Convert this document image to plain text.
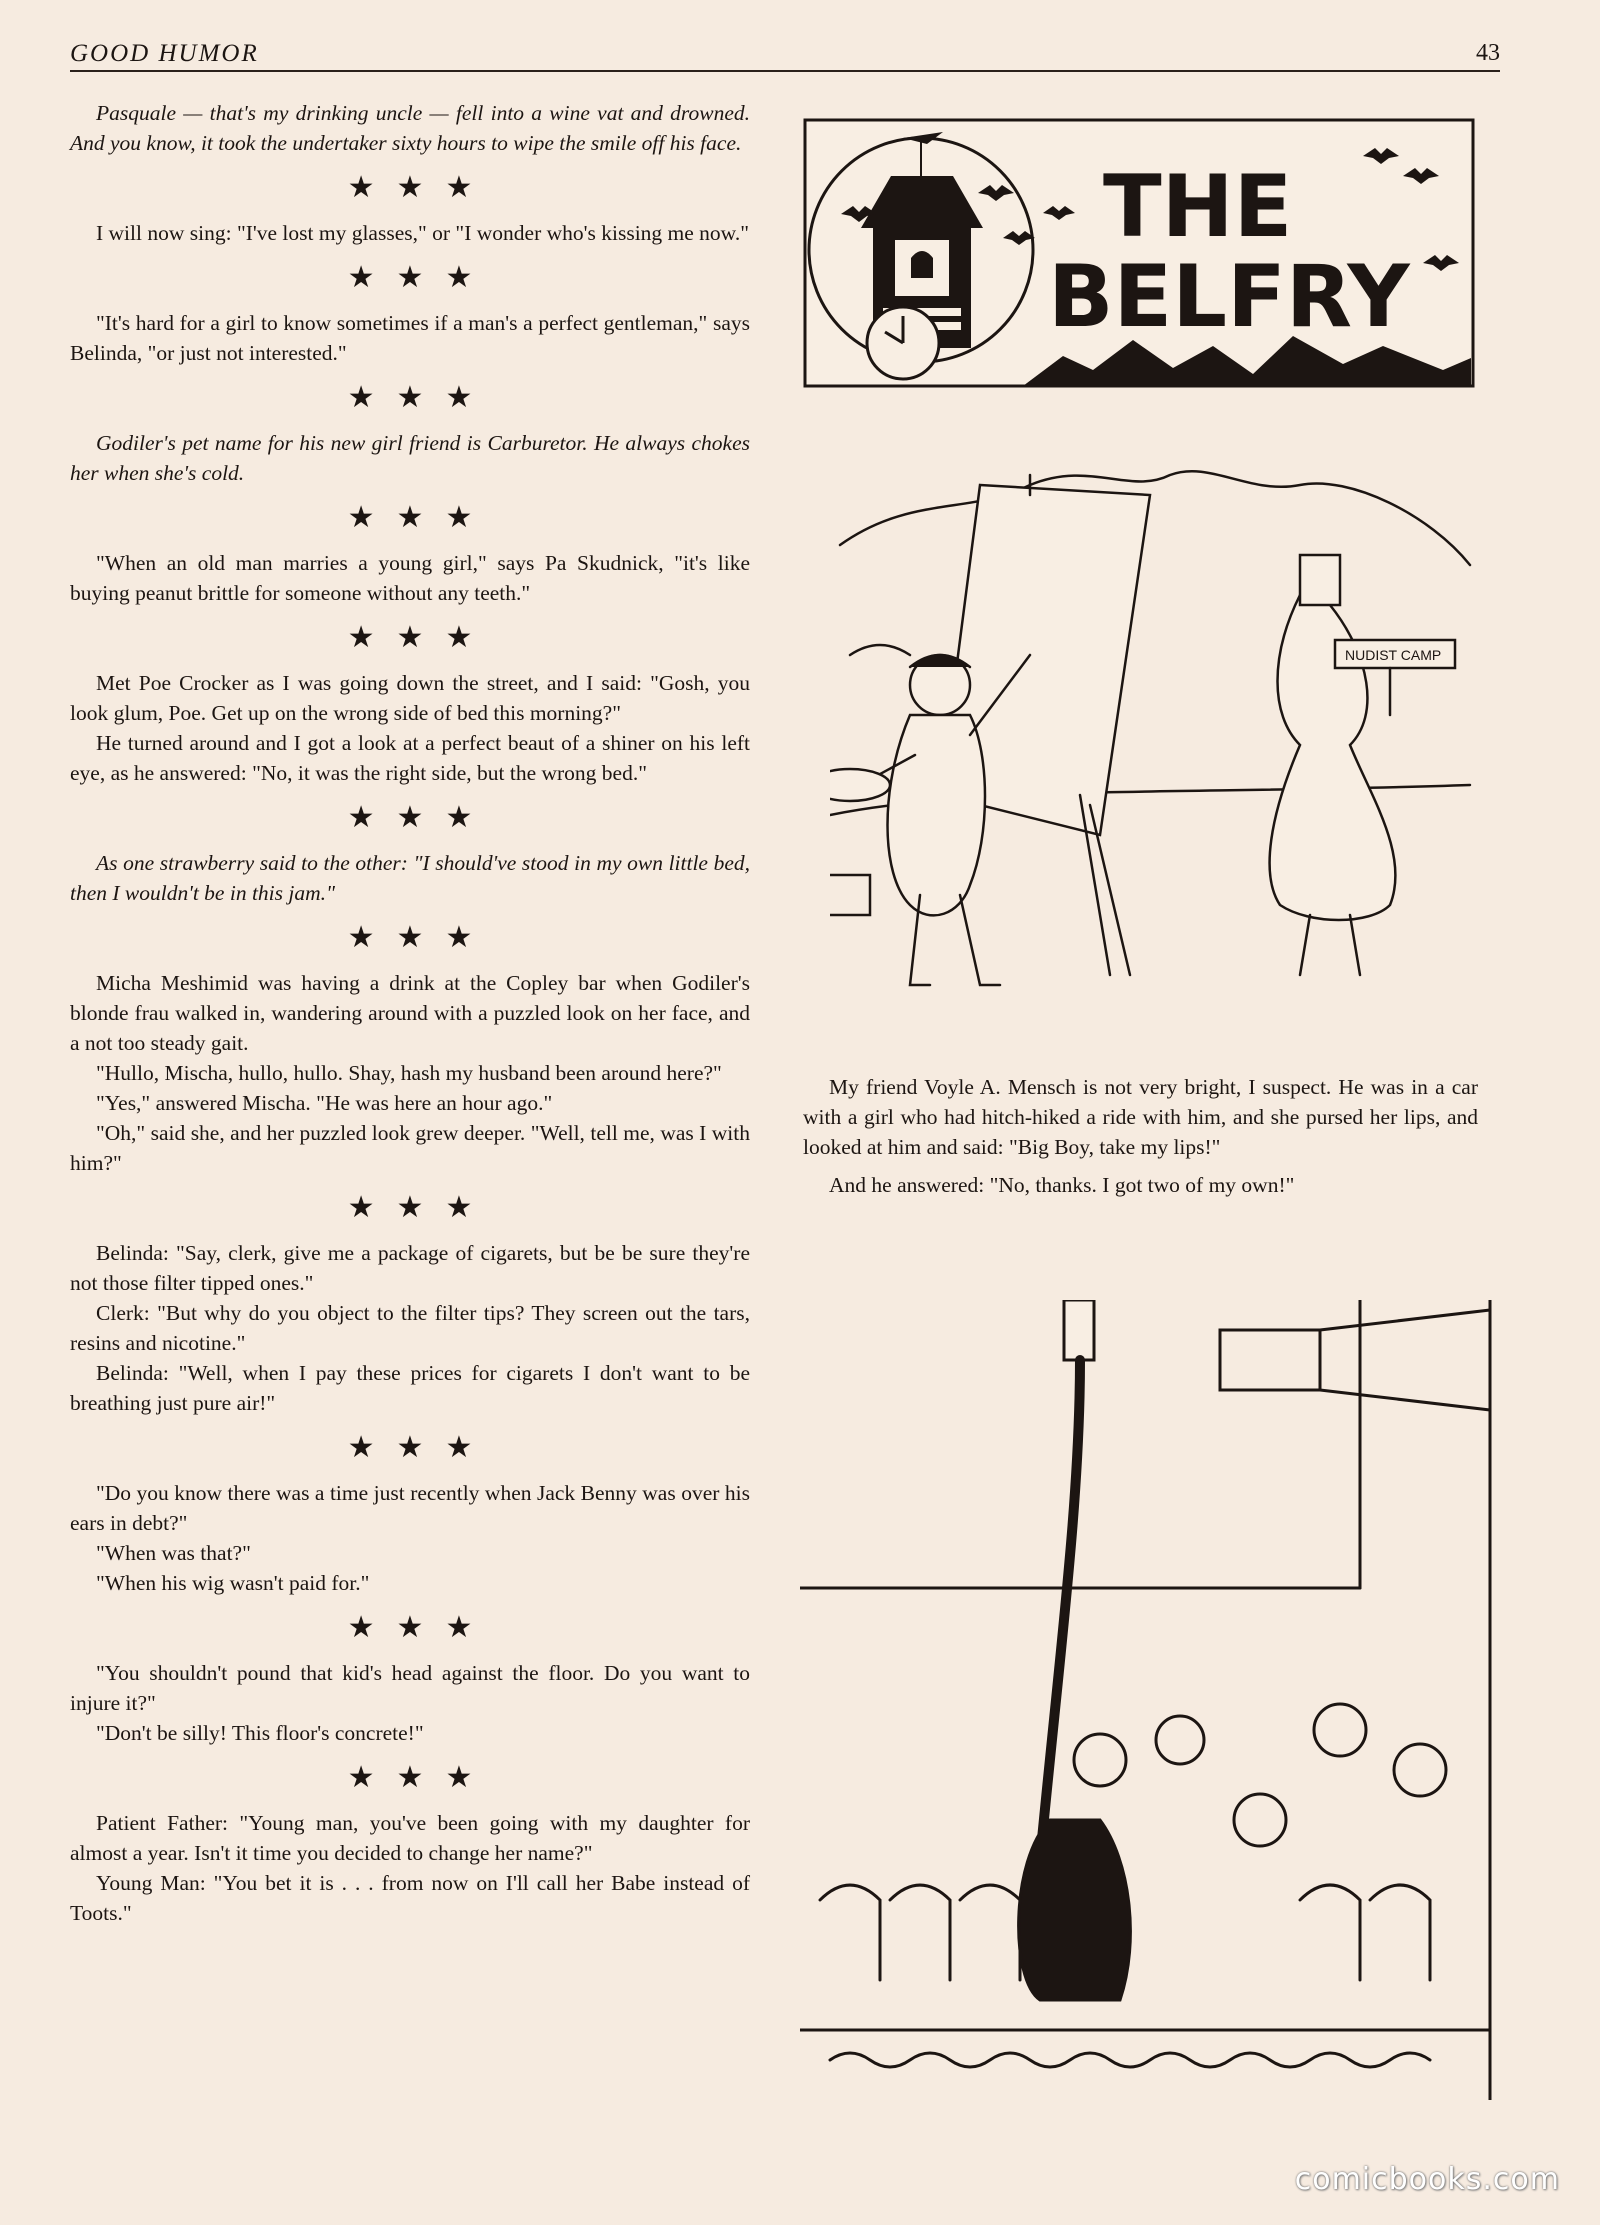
GOOD HUMOR	43

Pasquale — that's my drinking uncle — fell into a wine vat and drowned. And you know, it took the undertaker sixty hours to wipe the smile off his face.

★★★

I will now sing: "I've lost my glasses," or "I wonder who's kissing me now."

★★★

"It's hard for a girl to know sometimes if a man's a perfect gentleman," says Belinda, "or just not interested."

★★★

Godiler's pet name for his new girl friend is Carburetor. He always chokes her when she's cold.

★★★

"When an old man marries a young girl," says Pa Skudnick, "it's like buying peanut brittle for someone without any teeth."

★★★

Met Poe Crocker as I was going down the street, and I said: "Gosh, you look glum, Poe. Get up on the wrong side of bed this morning?"

He turned around and I got a look at a perfect beaut of a shiner on his left eye, as he answered: "No, it was the right side, but the wrong bed."

★★★

As one strawberry said to the other: "I should've stood in my own little bed, then I wouldn't be in this jam."

★★★

Micha Meshimid was having a drink at the Copley bar when Godiler's blonde frau walked in, wandering around with a puzzled look on her face, and a not too steady gait.

"Hullo, Mischa, hullo, hullo. Shay, hash my husband been around here?"

"Yes," answered Mischa. "He was here an hour ago."

"Oh," said she, and her puzzled look grew deeper. "Well, tell me, was I with him?"

★★★

Belinda: "Say, clerk, give me a package of cigarets, but be be sure they're not those filter tipped ones."

Clerk: "But why do you object to the filter tips? They screen out the tars, resins and nicotine."

Belinda: "Well, when I pay these prices for cigarets I don't want to be breathing just pure air!"

★★★

"Do you know there was a time just recently when Jack Benny was over his ears in debt?"

"When was that?"

"When his wig wasn't paid for."

★★★

"You shouldn't pound that kid's head against the floor. Do you want to injure it?"

"Don't be silly! This floor's concrete!"

★★★

Patient Father: "Young man, you've been going with my daughter for almost a year. Isn't it time you decided to change her name?"

Young Man: "You bet it is . . . from now on I'll call her Babe instead of Toots."

THE
BELFRY
NUDIST CAMP

My friend Voyle A. Mensch is not very bright, I suspect. He was in a car with a girl who had hitch-hiked a ride with him, and she pursed her lips, and looked at him and said: "Big Boy, take my lips!"

And he answered: "No, thanks. I got two of my own!"

comicbooks.com
